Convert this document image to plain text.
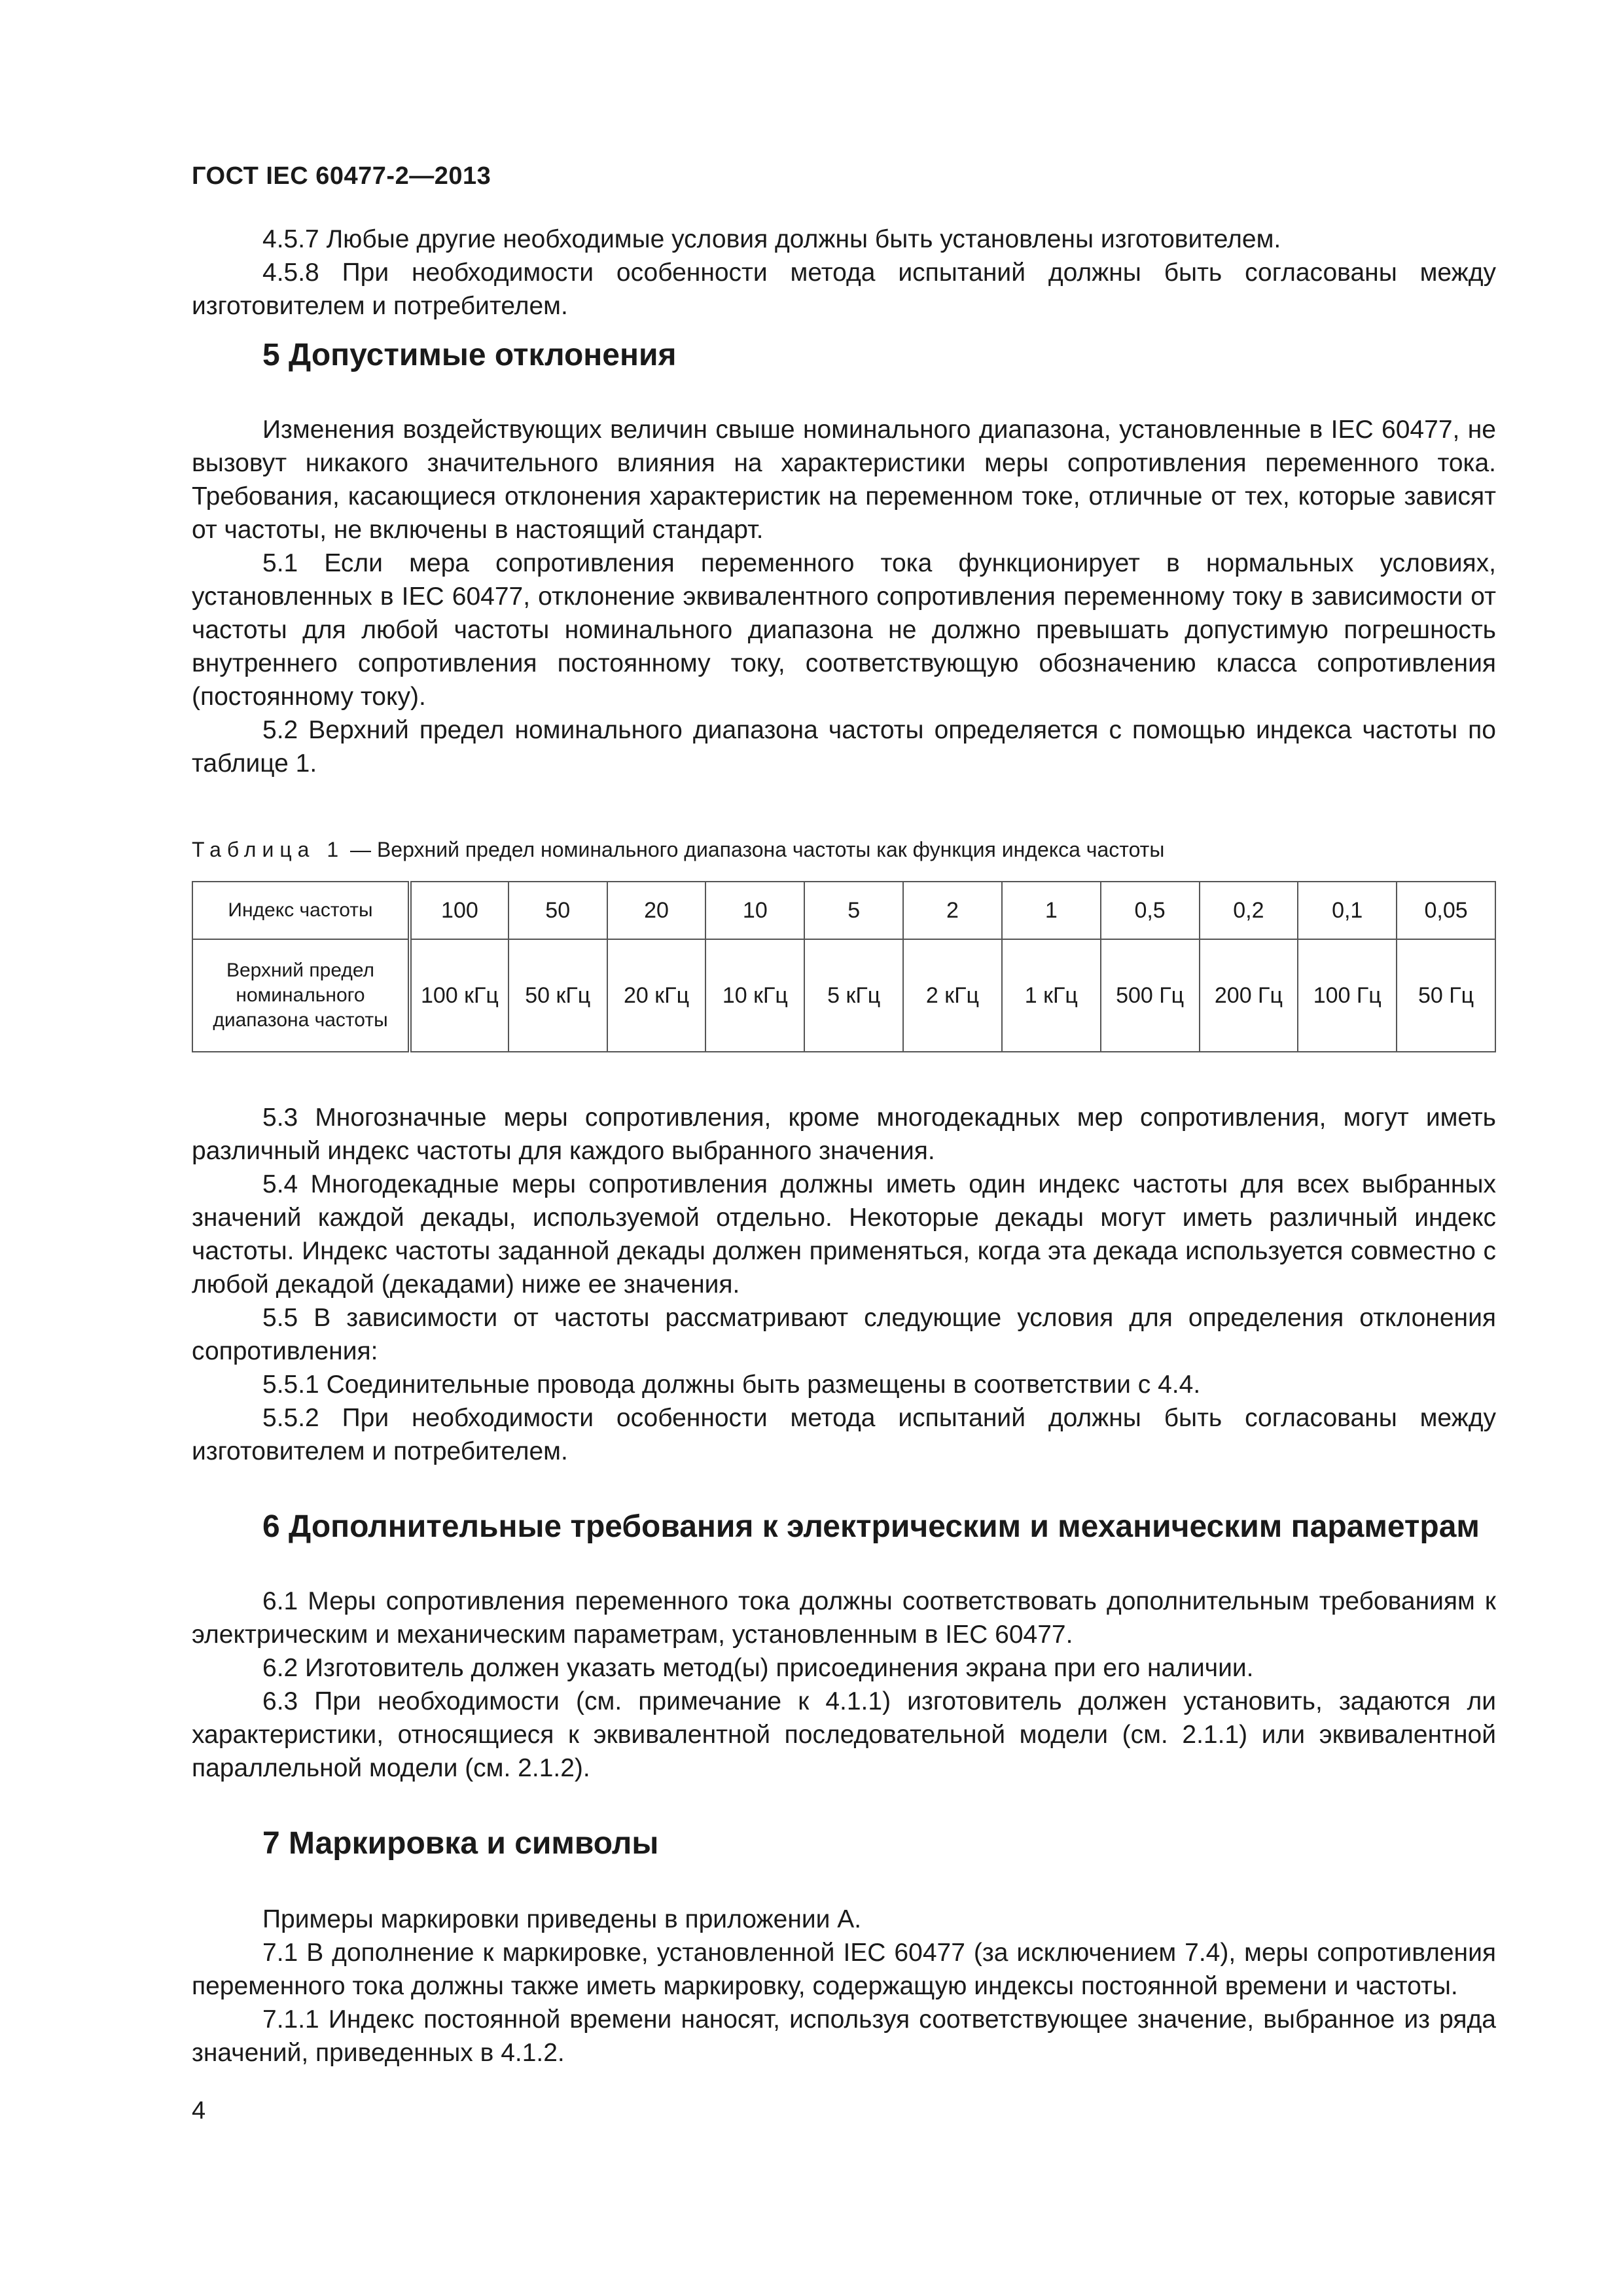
ГОСТ IEC 60477-2—2013

4.5.7 Любые другие необходимые условия должны быть установлены изготовителем.

4.5.8 При необходимости особенности метода испытаний должны быть согласованы между изготовителем и потребителем.

5 Допустимые отклонения

Изменения воздействующих величин свыше номинального диапазона, установленные в IEC 60477, не вызовут никакого значительного влияния на характеристики меры сопротивления переменного тока. Требования, касающиеся отклонения характеристик на переменном токе, отличные от тех, которые зависят от частоты, не включены в настоящий стандарт.

5.1 Если мера сопротивления переменного тока функционирует в нормальных условиях, установленных в IEC 60477, отклонение эквивалентного сопротивления переменному току в зависимости от частоты для любой частоты номинального диапазона не должно превышать допустимую погрешность внутреннего сопротивления постоянному току, соответствующую обозначению класса сопротивления (постоянному току).

5.2 Верхний предел номинального диапазона частоты определяется с помощью индекса частоты по таблице 1.

Таблица 1 — Верхний предел номинального диапазона частоты как функция индекса частоты
Индекс частоты	100	50	20	10	5	2	1	0,5	0,2	0,1	0,05
Верхний предел номинального диапазона частоты	100 кГц	50 кГц	20 кГц	10 кГц	5 кГц	2 кГц	1 кГц	500 Гц	200 Гц	100 Гц	50 Гц

5.3 Многозначные меры сопротивления, кроме многодекадных мер сопротивления, могут иметь различный индекс частоты для каждого выбранного значения.

5.4 Многодекадные меры сопротивления должны иметь один индекс частоты для всех выбранных значений каждой декады, используемой отдельно. Некоторые декады могут иметь различный индекс частоты. Индекс частоты заданной декады должен применяться, когда эта декада используется совместно с любой декадой (декадами) ниже ее значения.

5.5 В зависимости от частоты рассматривают следующие условия для определения отклонения сопротивления:

5.5.1 Соединительные провода должны быть размещены в соответствии с 4.4.

5.5.2 При необходимости особенности метода испытаний должны быть согласованы между изготовителем и потребителем.

6 Дополнительные требования к электрическим и механическим параметрам

6.1 Меры сопротивления переменного тока должны соответствовать дополнительным требованиям к электрическим и механическим параметрам, установленным в IEC 60477.

6.2 Изготовитель должен указать метод(ы) присоединения экрана при его наличии.

6.3 При необходимости (см. примечание к 4.1.1) изготовитель должен установить, задаются ли характеристики, относящиеся к эквивалентной последовательной модели (см. 2.1.1) или эквивалентной параллельной модели (см. 2.1.2).

7 Маркировка и символы

Примеры маркировки приведены в приложении А.

7.1 В дополнение к маркировке, установленной IEC 60477 (за исключением 7.4), меры сопротивления переменного тока должны также иметь маркировку, содержащую индексы постоянной времени и частоты.

7.1.1 Индекс постоянной времени наносят, используя соответствующее значение, выбранное из ряда значений, приведенных в 4.1.2.

4
